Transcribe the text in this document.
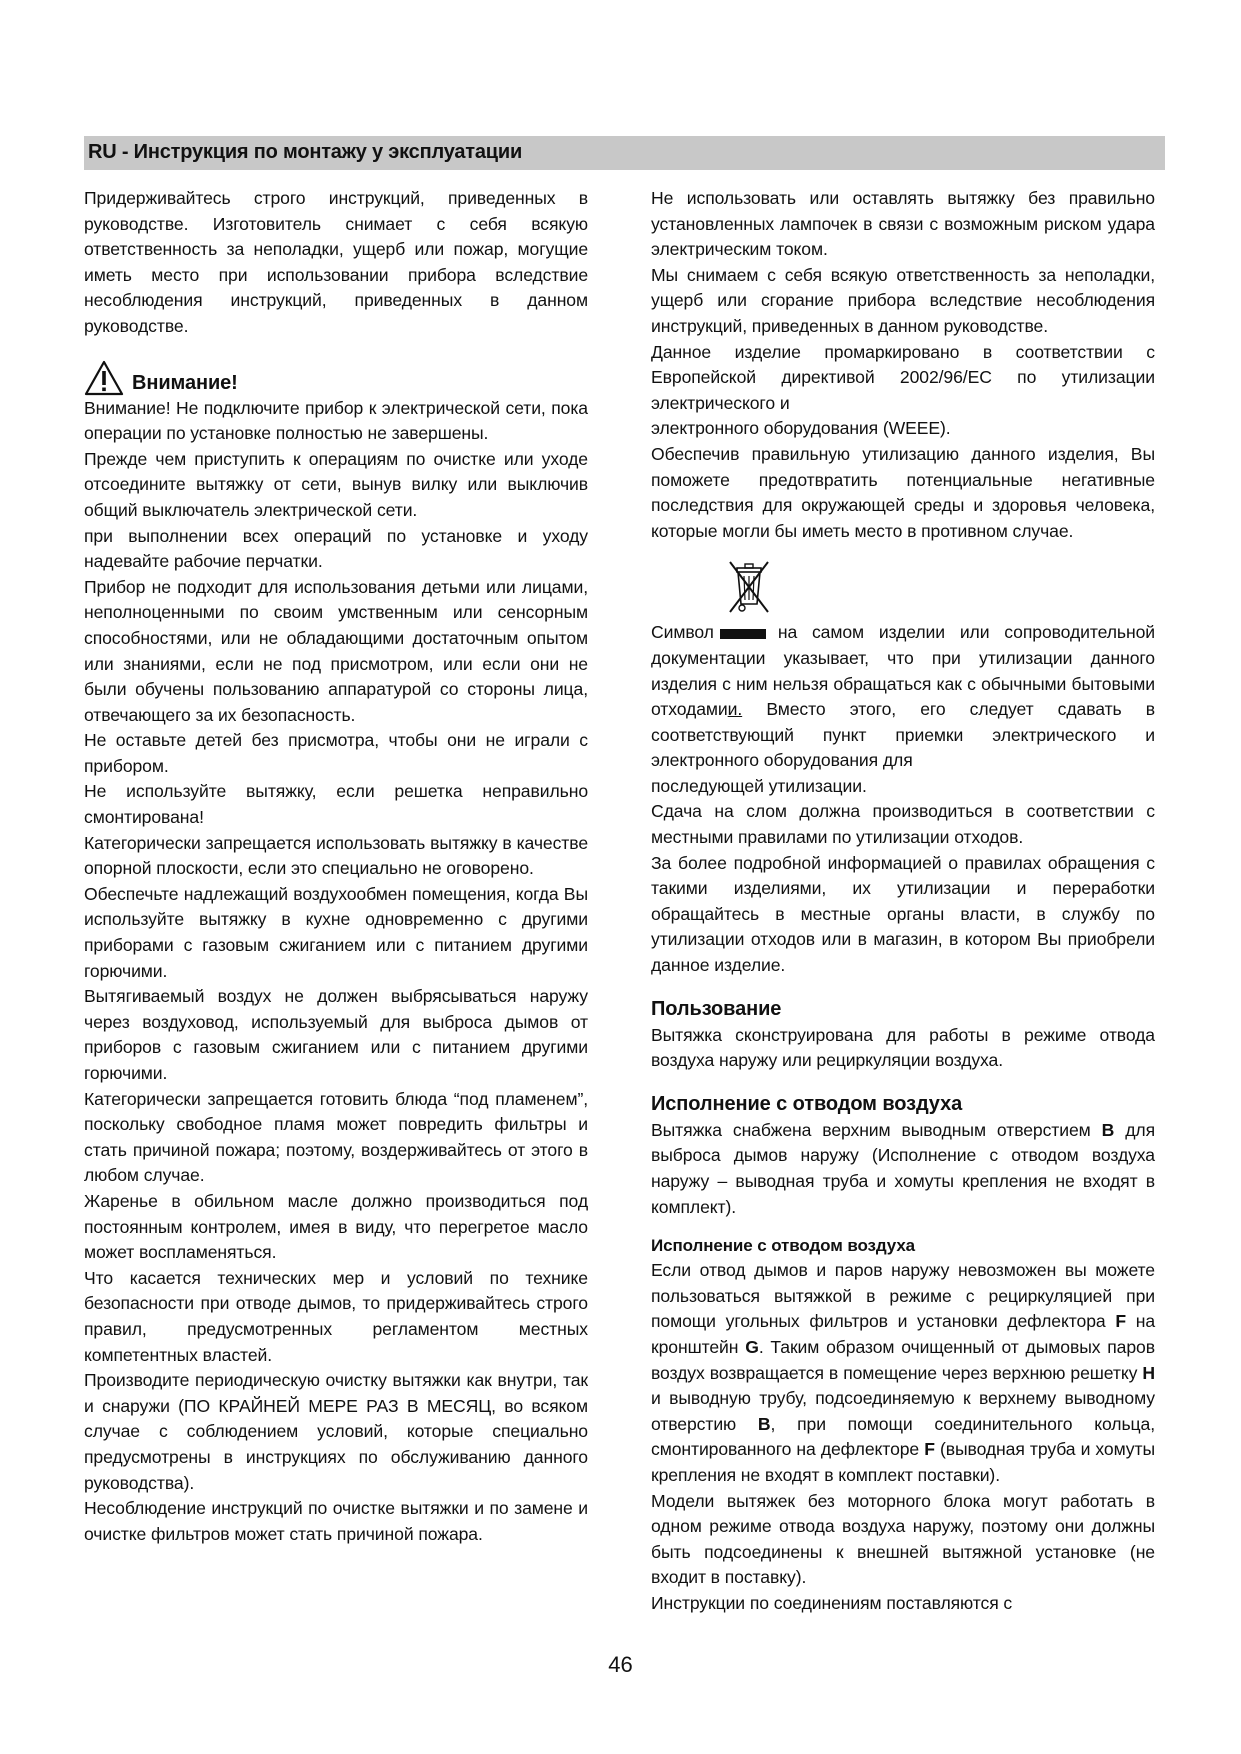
RU - Инструкция по монтажу у эксплуатации

Придерживайтесь строго инструкций, приведенных в руководстве. Изготовитель снимает с себя всякую ответственность за неполадки, ущерб или пожар, могущие иметь место при использовании прибора вследствие несоблюдения инструкций, приведенных в данном руководстве.

Внимание!

Внимание! Не подключите прибор к электрической сети, пока операции по установке полностью не завершены.

Прежде чем приступить к операциям по очистке или уходе отсоедините вытяжку от сети, вынув вилку или выключив общий выключатель электрической сети.

при выполнении всех операций по установке и уходу надевайте рабочие перчатки.

Прибор не подходит для использования детьми или лицами, неполноценными по своим умственным или сенсорным способностями, или не обладающими достаточным опытом или знаниями, если не под присмотром, или если они не были обучены пользованию аппаратурой со стороны лица, отвечающего за их безопасность.

Не оставьте детей без присмотра, чтобы они не играли с прибором.

Не используйте вытяжку, если решетка неправильно смонтирована!

Категорически запрещается использовать вытяжку в качестве опорной плоскости, если это специально не оговорено.

Обеспечьте надлежащий воздухообмен помещения, когда Вы используйте вытяжку в кухне одновременно с другими приборами с газовым сжиганием или с питанием другими горючими.

Вытягиваемый воздух не должен выбрясываться наружу через воздуховод, используемый для выброса дымов от приборов с газовым сжиганием или с питанием другими горючими.

Категорически запрещается готовить блюда “под пламенем”, поскольку свободное пламя может повредить фильтры и стать причиной пожара; поэтому, воздерживайтесь от этого в любом случае.

Жаренье в обильном масле должно производиться под постоянным контролем, имея в виду, что перегретое масло может воспламеняться.

Что касается технических мер и условий по технике безопасности при отводе дымов, то придерживайтесь строго правил, предусмотренных регламентом местных компетентных властей.

Производите периодическую очистку вытяжки как внутри, так и снаружи (ПО КРАЙНЕЙ МЕРЕ РАЗ В МЕСЯЦ, во всяком случае с соблюдением условий, которые специально предусмотрены в инструкциях по обслуживанию данного руководства).

Несоблюдение инструкций по очистке вытяжки и по замене и очистке фильтров может стать причиной пожара.

Не использовать или оставлять вытяжку без правильно установленных лампочек в связи с возможным риском удара электрическим током.

Мы снимаем с себя всякую ответственность за неполадки, ущерб или сгорание прибора вследствие несоблюдения инструкций, приведенных в данном руководстве.

Данное изделие промаркировано в соответствии с Европейской директивой 2002/96/EC по утилизации электрического и

электронного оборудования (WEEE).

Обеспечив правильную утилизацию данного изделия, Вы поможете предотвратить потенциальные негативные последствия для окружающей среды и здоровья человека, которые могли бы иметь место в противном случае.

Символ	на самом изделии или сопроводительной документации указывает, что при утилизации данного изделия с ним нельзя обращаться как с обычными бытовыми отходамии. Вместо этого, его следует сдавать в соответствующий пункт приемки электрического и электронного оборудования для

последующей утилизации.

Сдача на слом должна производиться в соответствии с местными правилами по утилизации отходов.

За более подробной информацией о правилах обращения с такими изделиями, их утилизации и переработки обращайтесь в местные органы власти, в службу по утилизации отходов или в магазин, в котором Вы приобрели данное изделие.

Пользование

Вытяжка сконструирована для работы в режиме отвода воздуха наружу или рециркуляции воздуха.

Исполнение с отводом воздуха

Вытяжка снабжена верхним выводным отверстием B для выброса дымов наружу (Исполнение с отводом воздуха наружу – выводная труба и хомуты крепления не входят в комплект).

Исполнение с отводом воздуха

Если отвод дымов и паров наружу невозможен вы можете пользоваться вытяжкой в режиме с рециркуляцией при помощи угольных фильтров и установки дефлектора F на кронштейн G. Таким образом очищенный от дымовых паров воздух возвращается в помещение через верхнюю решетку H и выводную трубу, подсоединяемую к верхнему выводному отверстию B, при помощи соединительного кольца, смонтированного на дефлекторе F (выводная труба и хомуты крепления не входят в комплект поставки).

Модели вытяжек без моторного блока могут работать в одном режиме отвода воздуха наружу, поэтому они должны быть подсоединены к внешней вытяжной установке (не входит в поставку).

Инструкции по соединениям поставляются с

46
